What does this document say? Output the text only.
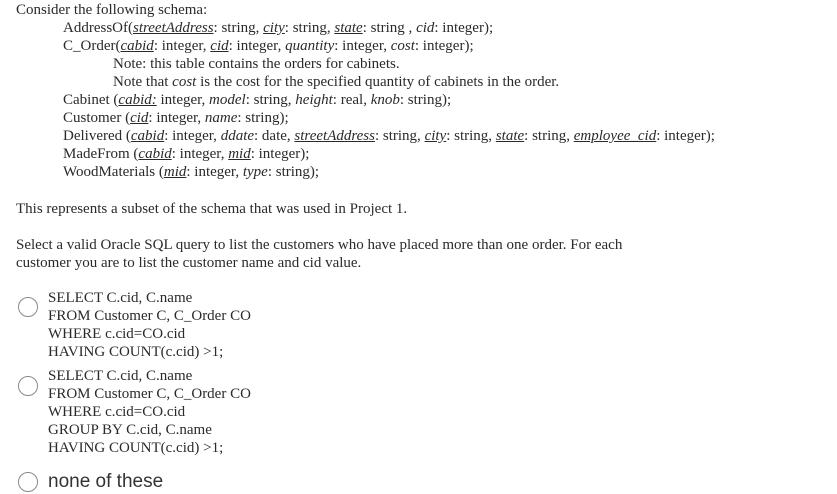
Consider the following schema:
AddressOf(streetAddress: string, city: string, state: string , cid: integer);
C_Order(cabid: integer, cid: integer, quantity: integer, cost: integer);
Note: this table contains the orders for cabinets.
Note that cost is the cost for the specified quantity of cabinets in the order.
Cabinet (cabid: integer, model: string, height: real, knob: string);
Customer (cid: integer, name: string);
Delivered (cabid: integer, ddate: date, streetAddress: string, city: string, state: string, employee_cid: integer);
MadeFrom (cabid: integer, mid: integer);
WoodMaterials (mid: integer, type: string);
This represents a subset of the schema that was used in Project 1.
Select a valid Oracle SQL query to list the customers who have placed more than one order. For each
customer you are to list the customer name and cid value.
SELECT C.cid, C.name
FROM Customer C, C_Order CO
WHERE c.cid=CO.cid
HAVING COUNT(c.cid) >1;
SELECT C.cid, C.name
FROM Customer C, C_Order CO
WHERE c.cid=CO.cid
GROUP BY C.cid, C.name
HAVING COUNT(c.cid) >1;
none of these
